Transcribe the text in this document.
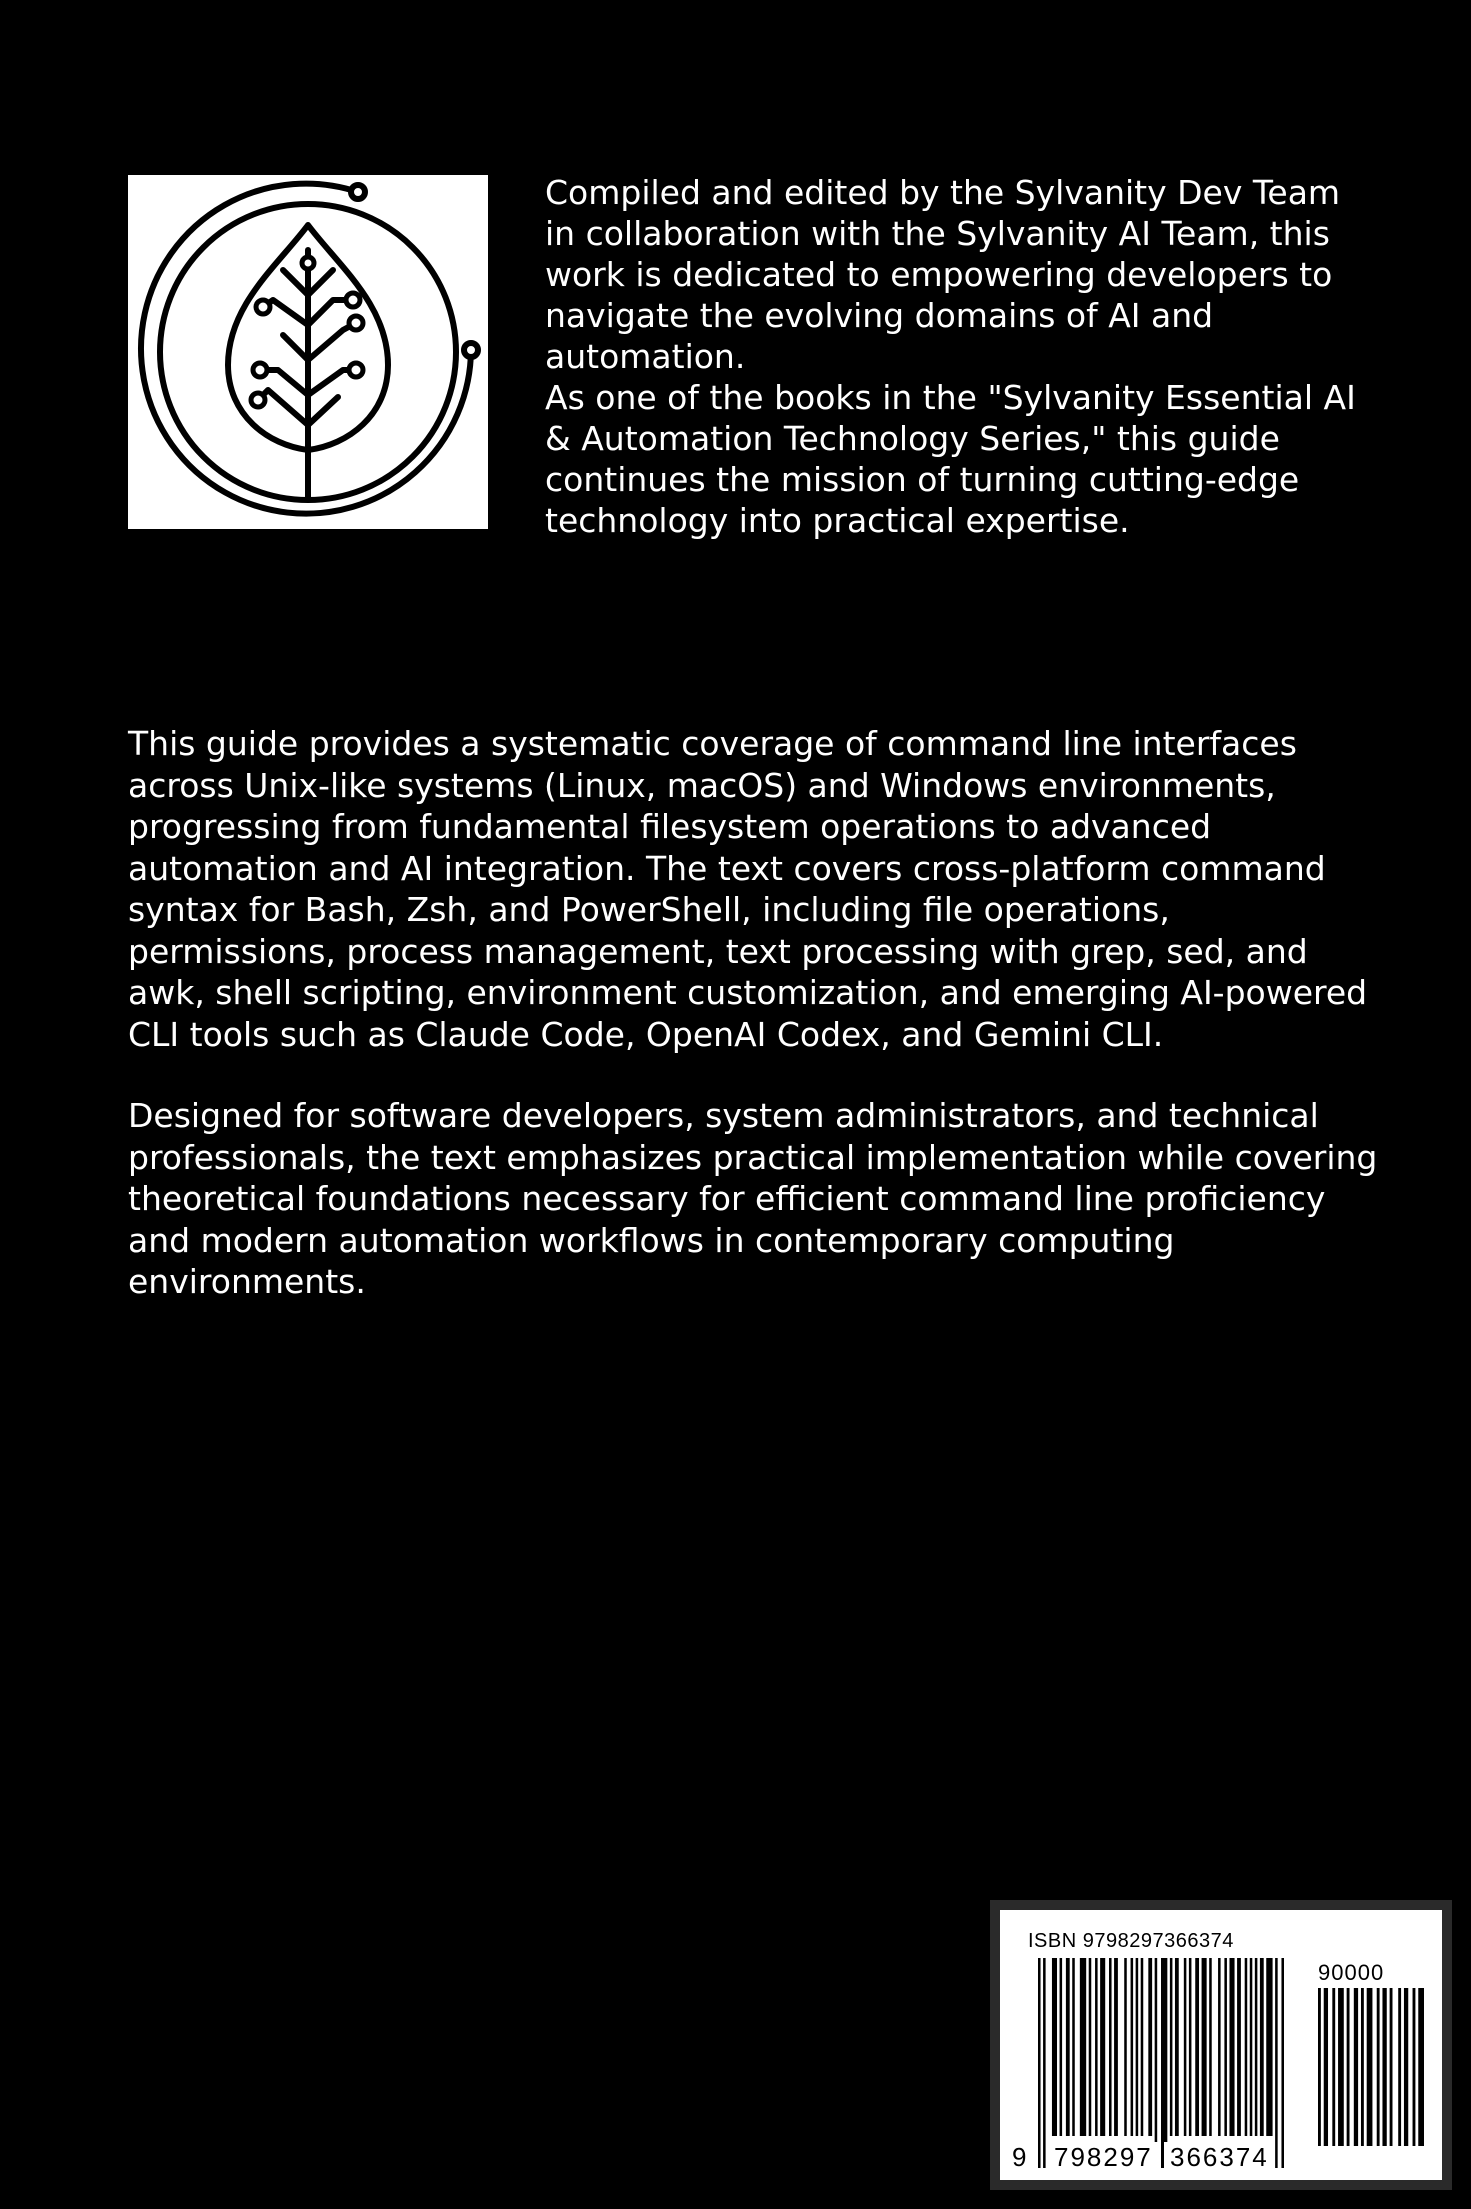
Compiled and edited by the Sylvanity Dev Team in collaboration with the Sylvanity AI Team, this work is dedicated to empowering developers to navigate the evolving domains of AI and automation.

As one of the books in the "Sylvanity Essential AI & Automation Technology Series," this guide continues the mission of turning cutting-edge technology into practical expertise.

This guide provides a systematic coverage of command line interfaces across Unix-like systems (Linux, macOS) and Windows environments, progressing from fundamental filesystem operations to advanced automation and AI integration. The text covers cross-platform command syntax for Bash, Zsh, and PowerShell, including file operations, permissions, process management, text processing with grep, sed, and awk, shell scripting, environment customization, and emerging AI-powered CLI tools such as Claude Code, OpenAI Codex, and Gemini CLI.

Designed for software developers, system administrators, and technical professionals, the text emphasizes practical implementation while covering theoretical foundations necessary for efficient command line proficiency and modern automation workflows in contemporary computing environments.

ISBN 9798297366374
90000
9 798297 366374
